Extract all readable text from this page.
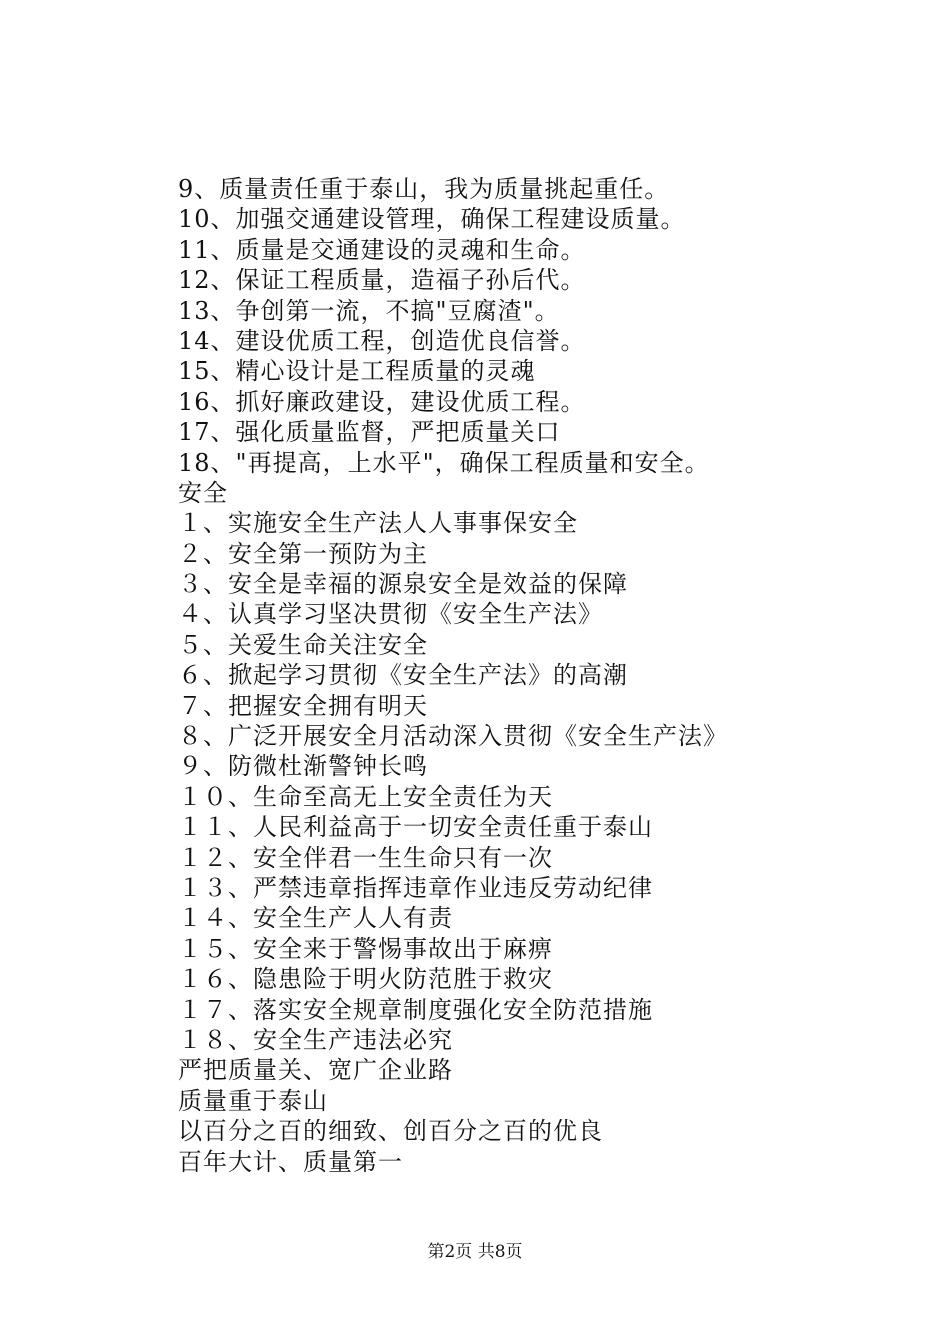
9、质量责任重于泰山，我为质量挑起重任。
10、加强交通建设管理，确保工程建设质量。
11、质量是交通建设的灵魂和生命。
12、保证工程质量，造福子孙后代。
13、争创第一流，不搞"豆腐渣"。
14、建设优质工程，创造优良信誉。
15、精心设计是工程质量的灵魂
16、抓好廉政建设，建设优质工程。
17、强化质量监督，严把质量关口
18、"再提高，上水平"，确保工程质量和安全。
安全
１、实施安全生产法人人事事保安全
２、安全第一预防为主
３、安全是幸福的源泉安全是效益的保障
４、认真学习坚决贯彻《安全生产法》
５、关爱生命关注安全
６、掀起学习贯彻《安全生产法》的高潮
７、把握安全拥有明天
８、广泛开展安全月活动深入贯彻《安全生产法》
９、防微杜渐警钟长鸣
１０、生命至高无上安全责任为天
１１、人民利益高于一切安全责任重于泰山
１２、安全伴君一生生命只有一次
１３、严禁违章指挥违章作业违反劳动纪律
１４、安全生产人人有责
１５、安全来于警惕事故出于麻痹
１６、隐患险于明火防范胜于救灾
１７、落实安全规章制度强化安全防范措施
１８、安全生产违法必究
严把质量关、宽广企业路
质量重于泰山
以百分之百的细致、创百分之百的优良
百年大计、质量第一
第2页 共8页
